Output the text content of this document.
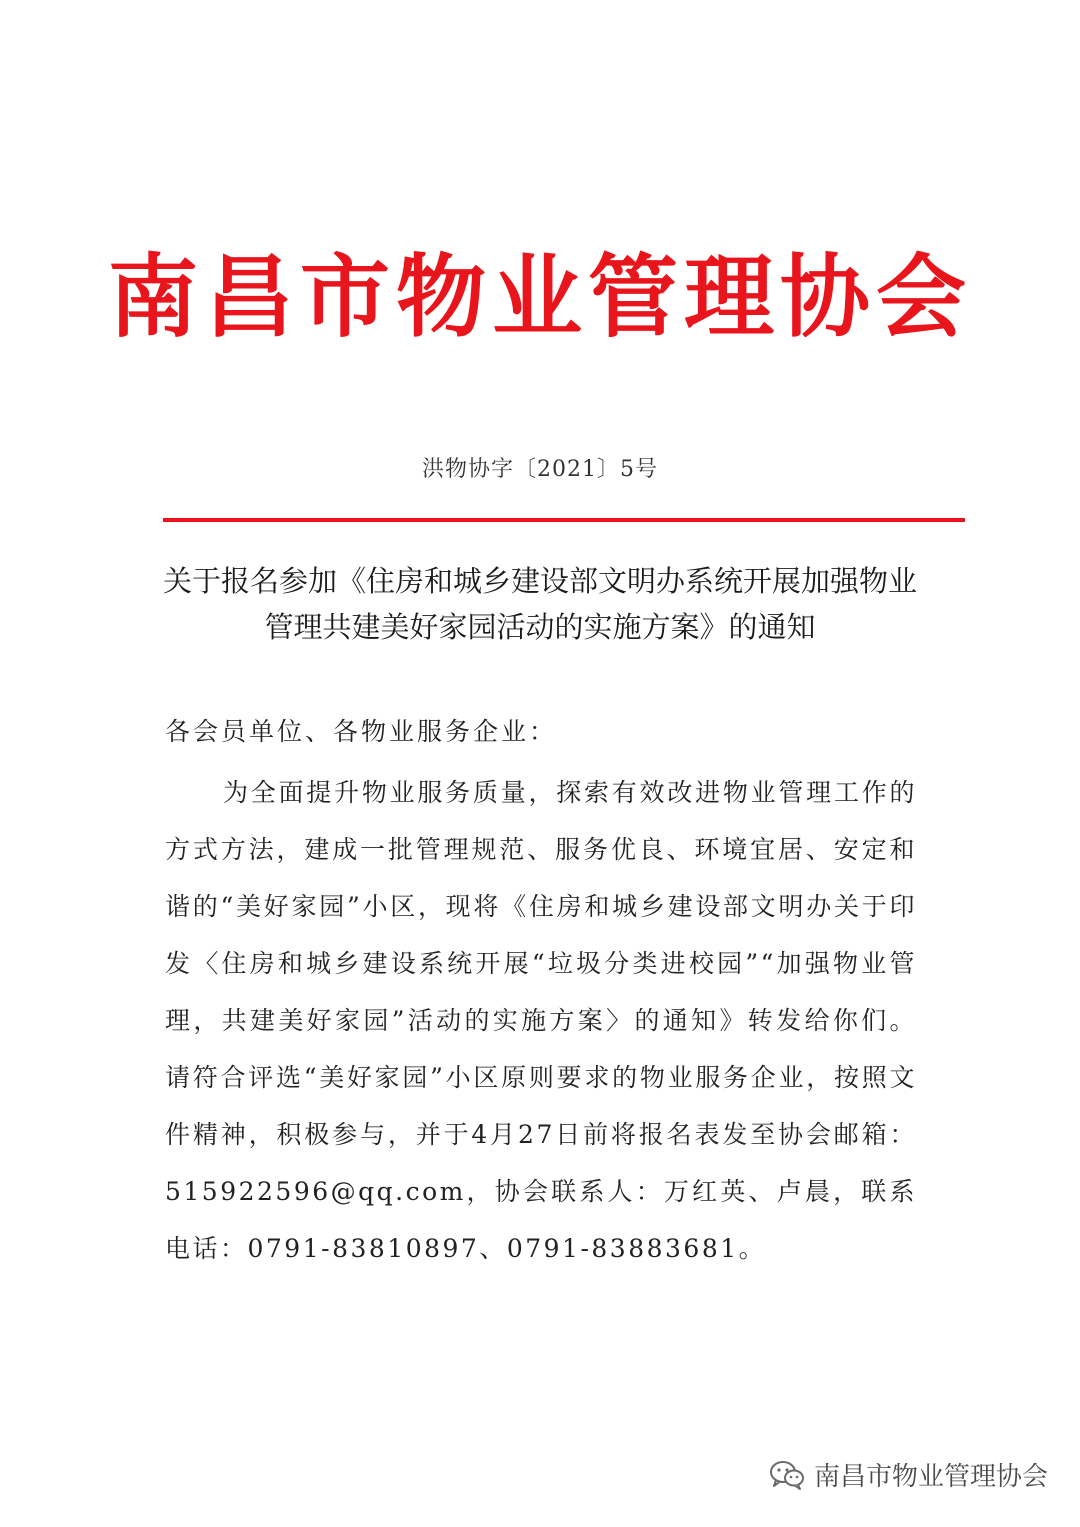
南昌市物业管理协会
洪物协字〔2021〕5号
关于报名参加《住房和城乡建设部文明办系统开展加强物业管理共建美好家园活动的实施方案》的通知
各会员单位、各物业服务企业：
为全面提升物业服务质量，探索有效改进物业管理工作的方式方法，建成一批管理规范、服务优良、环境宜居、安定和谐的“美好家园”小区，现将《住房和城乡建设部文明办关于印发〈住房和城乡建设系统开展“垃圾分类进校园”“加强物业管理，共建美好家园”活动的实施方案〉的通知》转发给你们。请符合评选“美好家园”小区原则要求的物业服务企业，按照文件精神，积极参与，并于4月27日前将报名表发至协会邮箱：515922596@qq.com，协会联系人：万红英、卢晨，联系电话：0791-83810897、0791-83883681。
南昌市物业管理协会
